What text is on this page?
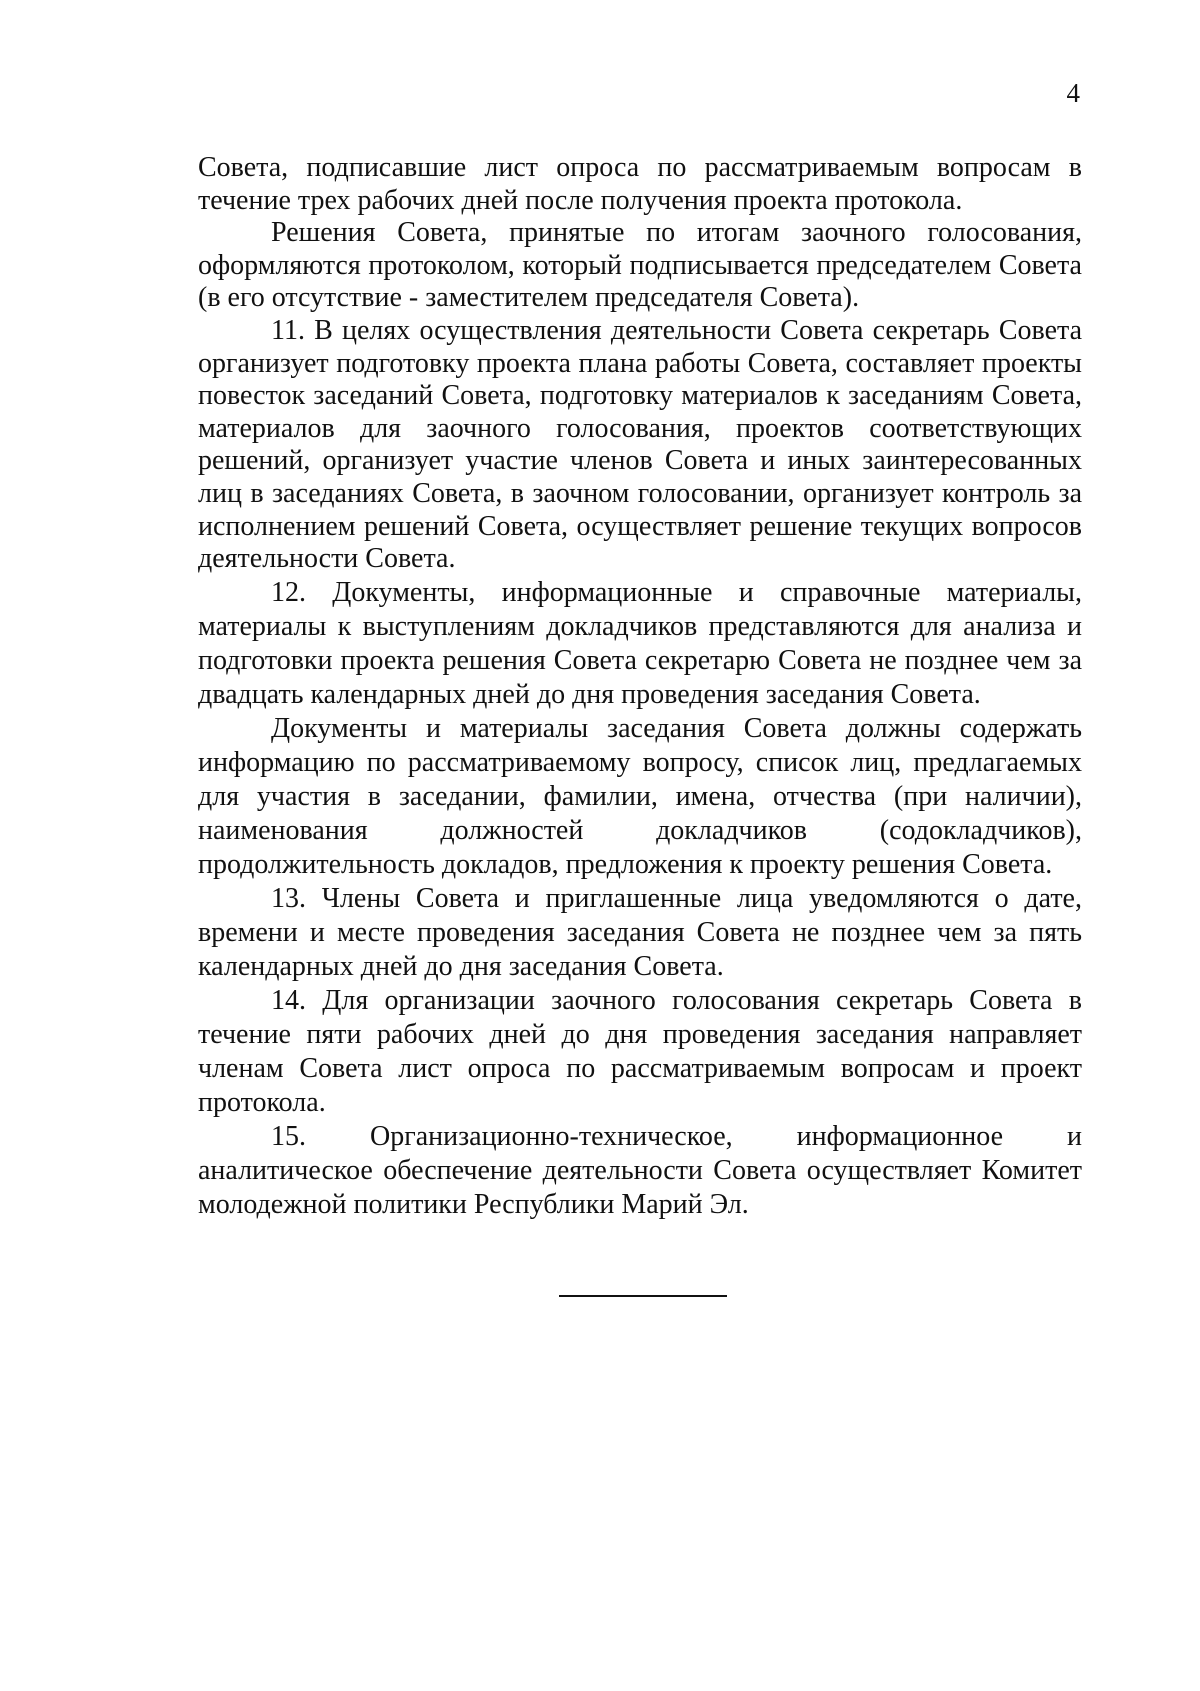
4

Совета, подписавшие лист опроса по рассматриваемым вопросам в течение трех рабочих дней после получения проекта протокола.

Решения Совета, принятые по итогам заочного голосования, оформляются протоколом, который подписывается председателем Совета (в его отсутствие - заместителем председателя Совета).

11. В целях осуществления деятельности Совета секретарь Совета организует подготовку проекта плана работы Совета, составляет проекты повесток заседаний Совета, подготовку материалов к заседаниям Совета, материалов для заочного голосования, проектов соответствующих решений, организует участие членов Совета и иных заинтересованных лиц в заседаниях Совета, в заочном голосовании, организует контроль за исполнением решений Совета, осуществляет решение текущих вопросов деятельности Совета.

12. Документы, информационные и справочные материалы, материалы к выступлениям докладчиков представляются для анализа и подготовки проекта решения Совета секретарю Совета не позднее чем за двадцать календарных дней до дня проведения заседания Совета.

Документы и материалы заседания Совета должны содержать информацию по рассматриваемому вопросу, список лиц, предлагаемых для участия в заседании, фамилии, имена, отчества (при наличии), наименования должностей докладчиков (содокладчиков), продолжительность докладов, предложения к проекту решения Совета.

13. Члены Совета и приглашенные лица уведомляются о дате, времени и месте проведения заседания Совета не позднее чем за пять календарных дней до дня заседания Совета.

14. Для организации заочного голосования секретарь Совета в течение пяти рабочих дней до дня проведения заседания направляет членам Совета лист опроса по рассматриваемым вопросам и проект протокола.

15. Организационно-техническое, информационное и аналитическое обеспечение деятельности Совета осуществляет Комитет молодежной политики Республики Марий Эл.
